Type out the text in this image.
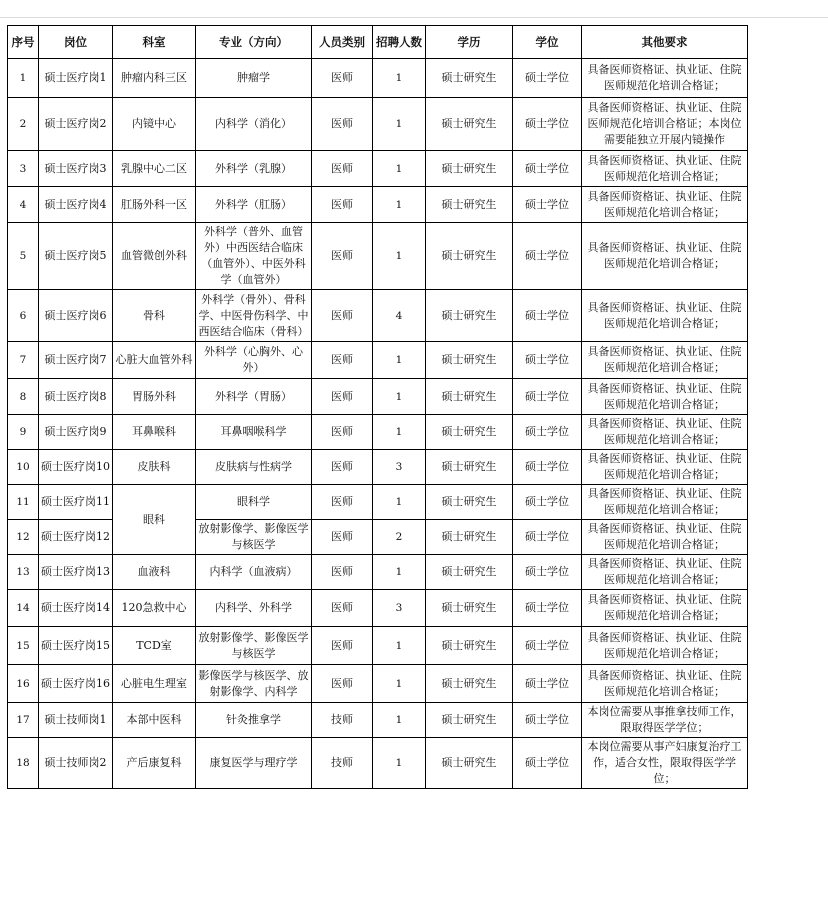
序号	岗位	科室	专业（方向）	人员类别	招聘人数	学历	学位	其他要求
1	硕士医疗岗1	肿瘤内科三区	肿瘤学	医师	1	硕士研究生	硕士学位	具备医师资格证、执业证、住院医师规范化培训合格证；
2	硕士医疗岗2	内镜中心	内科学（消化）	医师	1	硕士研究生	硕士学位	具备医师资格证、执业证、住院医师规范化培训合格证；本岗位需要能独立开展内镜操作
3	硕士医疗岗3	乳腺中心二区	外科学（乳腺）	医师	1	硕士研究生	硕士学位	具备医师资格证、执业证、住院医师规范化培训合格证；
4	硕士医疗岗4	肛肠外科一区	外科学（肛肠）	医师	1	硕士研究生	硕士学位	具备医师资格证、执业证、住院医师规范化培训合格证；
5	硕士医疗岗5	血管微创外科	外科学（普外、血管外）中西医结合临床（血管外）、中医外科学（血管外）	医师	1	硕士研究生	硕士学位	具备医师资格证、执业证、住院医师规范化培训合格证；
6	硕士医疗岗6	骨科	外科学（骨外）、骨科学、中医骨伤科学、中西医结合临床（骨科）	医师	4	硕士研究生	硕士学位	具备医师资格证、执业证、住院医师规范化培训合格证；
7	硕士医疗岗7	心脏大血管外科	外科学（心胸外、心外）	医师	1	硕士研究生	硕士学位	具备医师资格证、执业证、住院医师规范化培训合格证；
8	硕士医疗岗8	胃肠外科	外科学（胃肠）	医师	1	硕士研究生	硕士学位	具备医师资格证、执业证、住院医师规范化培训合格证；
9	硕士医疗岗9	耳鼻喉科	耳鼻咽喉科学	医师	1	硕士研究生	硕士学位	具备医师资格证、执业证、住院医师规范化培训合格证；
10	硕士医疗岗10	皮肤科	皮肤病与性病学	医师	3	硕士研究生	硕士学位	具备医师资格证、执业证、住院医师规范化培训合格证；
11	硕士医疗岗11	眼科	眼科学	医师	1	硕士研究生	硕士学位	具备医师资格证、执业证、住院医师规范化培训合格证；
12	硕士医疗岗12		放射影像学、影像医学与核医学	医师	2	硕士研究生	硕士学位	具备医师资格证、执业证、住院医师规范化培训合格证；
13	硕士医疗岗13	血液科	内科学（血液病）	医师	1	硕士研究生	硕士学位	具备医师资格证、执业证、住院医师规范化培训合格证；
14	硕士医疗岗14	120急救中心	内科学、外科学	医师	3	硕士研究生	硕士学位	具备医师资格证、执业证、住院医师规范化培训合格证；
15	硕士医疗岗15	TCD室	放射影像学、影像医学与核医学	医师	1	硕士研究生	硕士学位	具备医师资格证、执业证、住院医师规范化培训合格证；
16	硕士医疗岗16	心脏电生理室	影像医学与核医学、放射影像学、内科学	医师	1	硕士研究生	硕士学位	具备医师资格证、执业证、住院医师规范化培训合格证；
17	硕士技师岗1	本部中医科	针灸推拿学	技师	1	硕士研究生	硕士学位	本岗位需要从事推拿技师工作，限取得医学学位；
18	硕士技师岗2	产后康复科	康复医学与理疗学	技师	1	硕士研究生	硕士学位	本岗位需要从事产妇康复治疗工作，适合女性，限取得医学学位；
